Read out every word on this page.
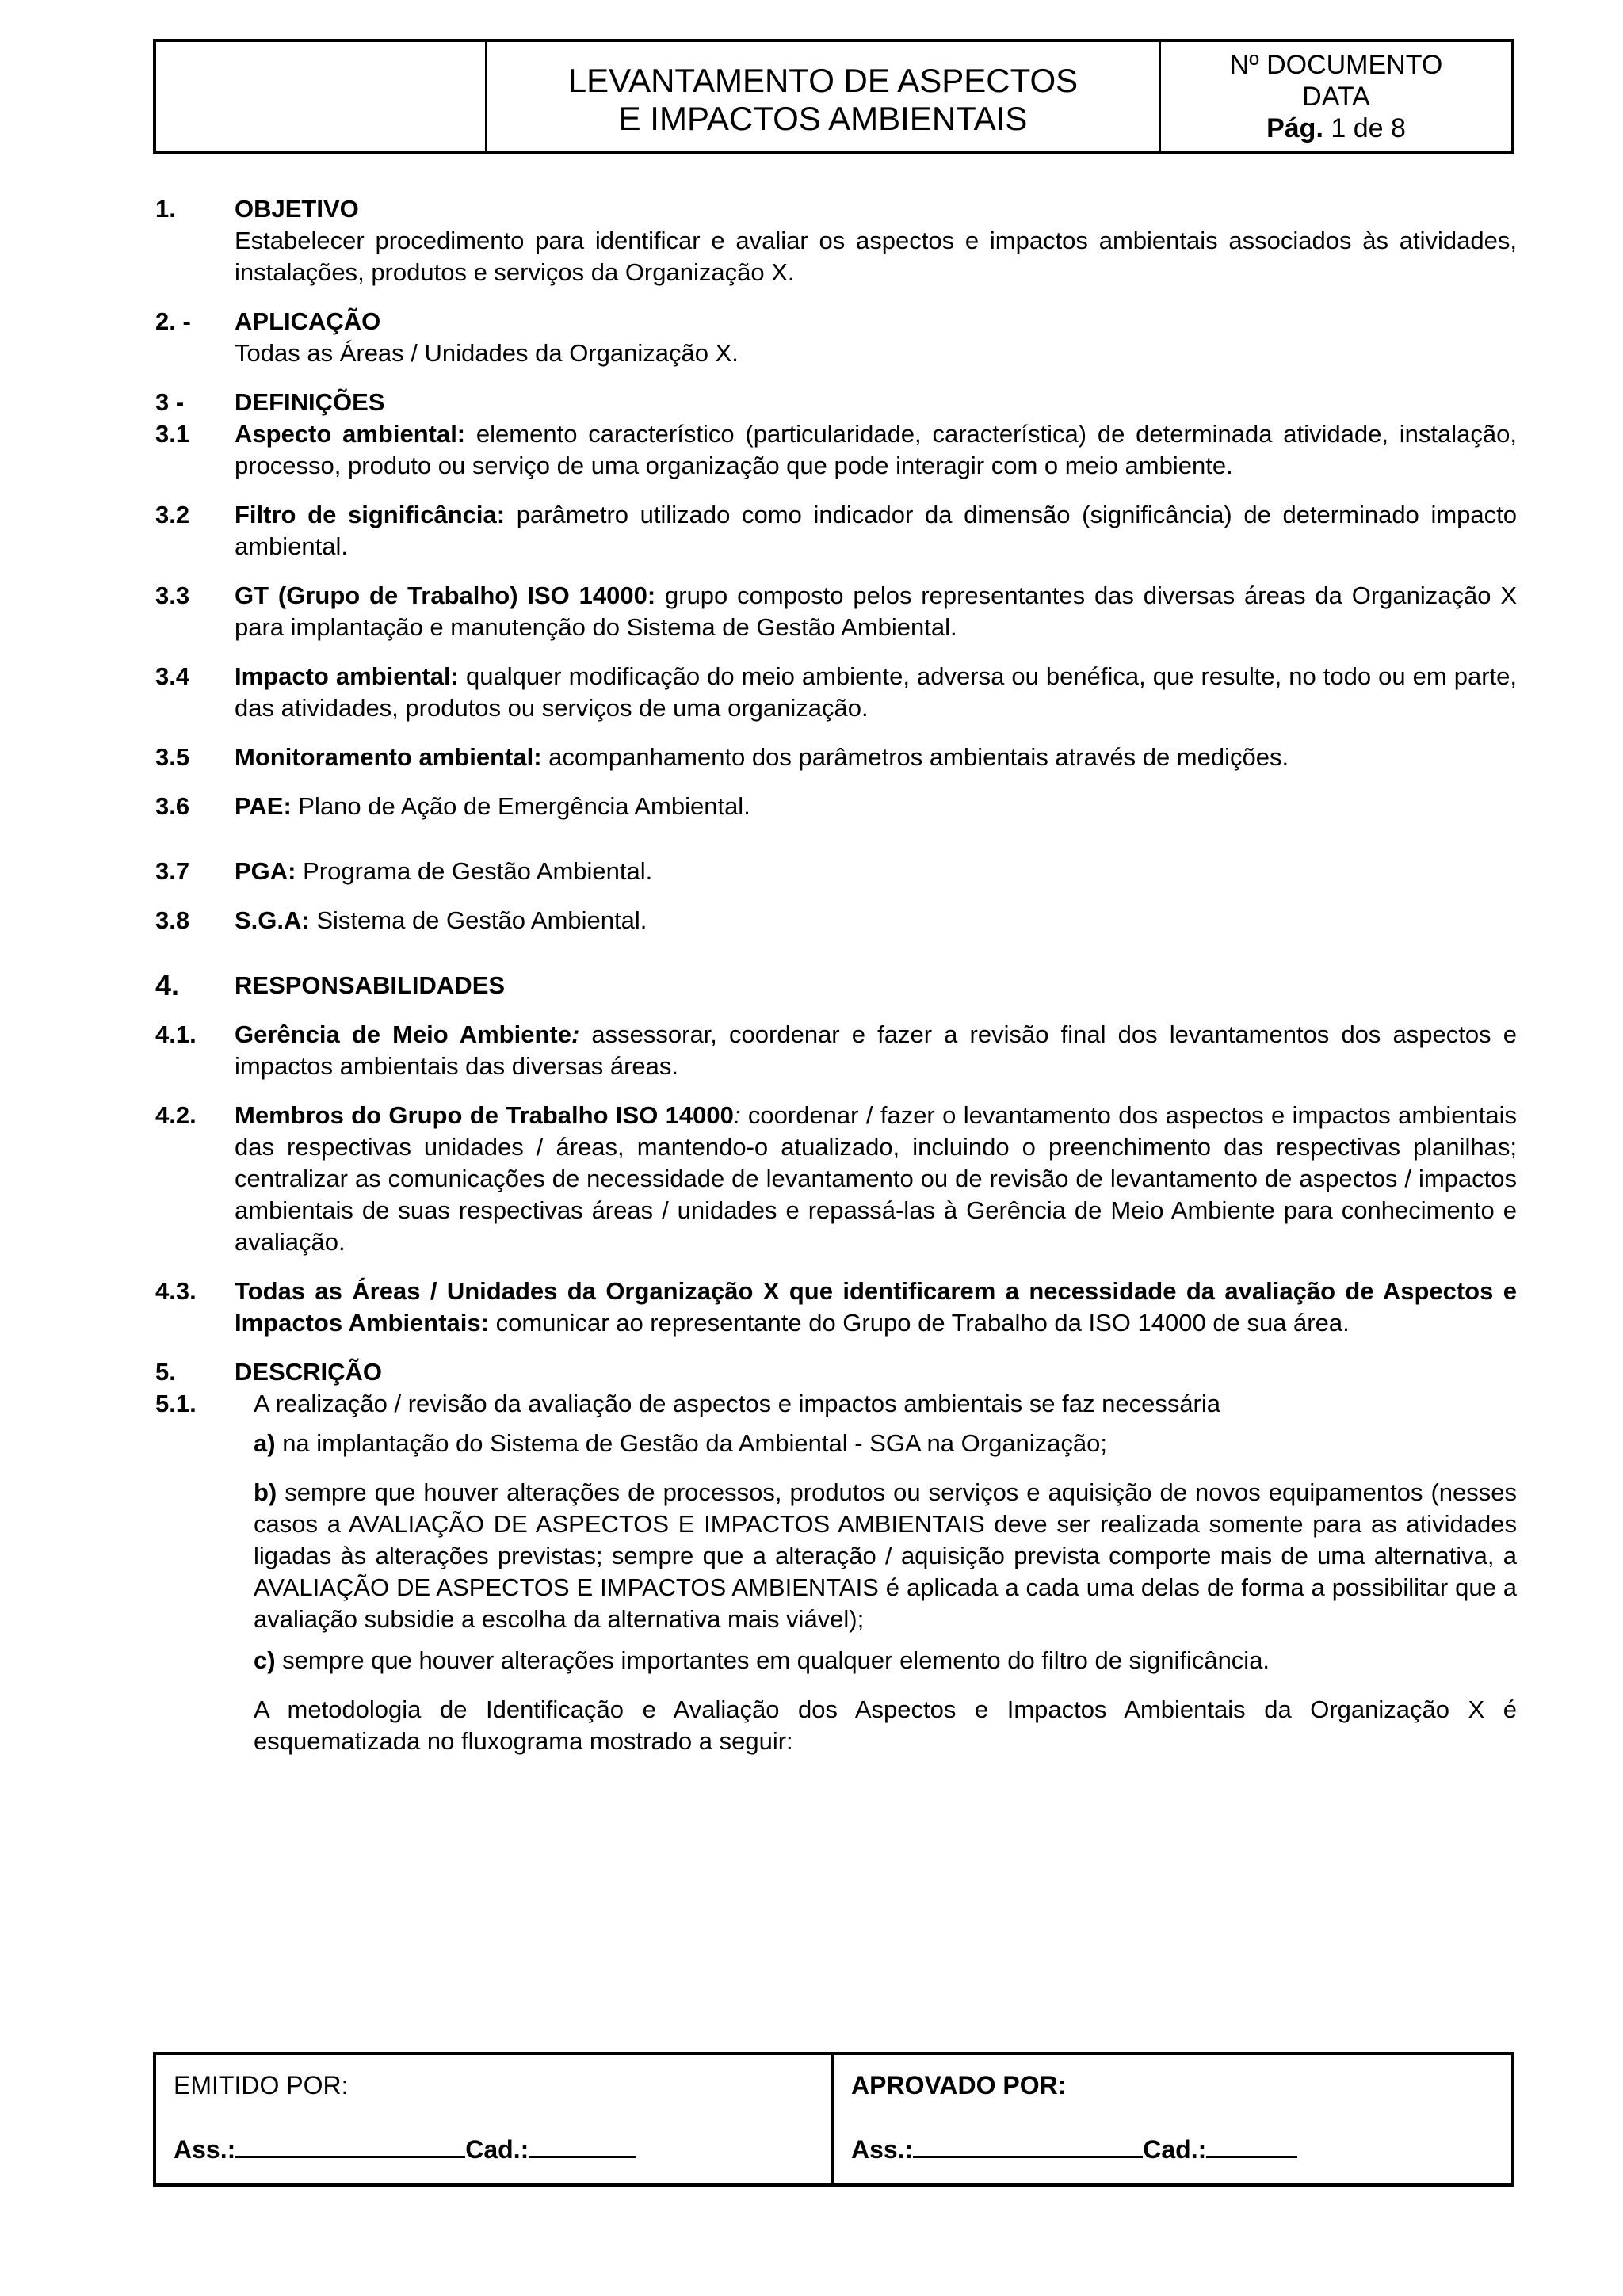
LEVANTAMENTO DE ASPECTOS
E IMPACTOS AMBIENTAIS
Nº DOCUMENTO
DATA
Pág. 1 de 8
1.	OBJETIVO
Estabelecer procedimento para identificar e avaliar os aspectos e impactos ambientais associados às atividades, instalações, produtos e serviços da Organização X.
2. -	APLICAÇÃO
Todas as Áreas / Unidades da Organização X.
3 -	DEFINIÇÕES
3.1	Aspecto ambiental: elemento característico (particularidade, característica) de determinada atividade, instalação, processo, produto ou serviço de uma organização que pode interagir com o meio ambiente.
3.2	Filtro de significância: parâmetro utilizado como indicador da dimensão (significância) de determinado impacto ambiental.
3.3	GT (Grupo de Trabalho) ISO 14000: grupo composto pelos representantes das diversas áreas da Organização X para implantação e manutenção do Sistema de Gestão Ambiental.
3.4	Impacto ambiental: qualquer modificação do meio ambiente, adversa ou benéfica, que resulte, no todo ou em parte, das atividades, produtos ou serviços de uma organização.
3.5	Monitoramento ambiental: acompanhamento dos parâmetros ambientais através de medições.
3.6	PAE: Plano de Ação de Emergência Ambiental.
3.7	PGA: Programa de Gestão Ambiental.
3.8	S.G.A: Sistema de Gestão Ambiental.
4.	RESPONSABILIDADES
4.1.	Gerência de Meio Ambiente: assessorar, coordenar e fazer a revisão final dos levantamentos dos aspectos e impactos ambientais das diversas áreas.
4.2.	Membros do Grupo de Trabalho ISO 14000: coordenar / fazer o levantamento dos aspectos e impactos ambientais das respectivas unidades / áreas, mantendo-o atualizado, incluindo o preenchimento das respectivas planilhas; centralizar as comunicações de necessidade de levantamento ou de revisão de levantamento de aspectos / impactos ambientais de suas respectivas áreas / unidades e repassá-las à Gerência de Meio Ambiente para conhecimento e avaliação.
4.3.	Todas as Áreas / Unidades da Organização X que identificarem a necessidade da avaliação de Aspectos e Impactos Ambientais: comunicar ao representante do Grupo de Trabalho da ISO 14000 de sua área.
5.	DESCRIÇÃO
5.1.	A realização / revisão da avaliação de aspectos e impactos ambientais se faz necessária
a) na implantação do Sistema de Gestão da Ambiental - SGA na Organização;
b) sempre que houver alterações de processos, produtos ou serviços e aquisição de novos equipamentos (nesses casos a AVALIAÇÃO DE ASPECTOS E IMPACTOS AMBIENTAIS deve ser realizada somente para as atividades ligadas às alterações previstas; sempre que a alteração / aquisição prevista comporte mais de uma alternativa, a AVALIAÇÃO DE ASPECTOS E IMPACTOS AMBIENTAIS é aplicada a cada uma delas de forma a possibilitar que a avaliação subsidie a escolha da alternativa mais viável);
c) sempre que houver alterações importantes em qualquer elemento do filtro de significância.
A metodologia de Identificação e Avaliação dos Aspectos e Impactos Ambientais da Organização X é esquematizada no fluxograma mostrado a seguir:
EMITIDO POR:
Ass.:	Cad.:
APROVADO POR:
Ass.:	Cad.:
